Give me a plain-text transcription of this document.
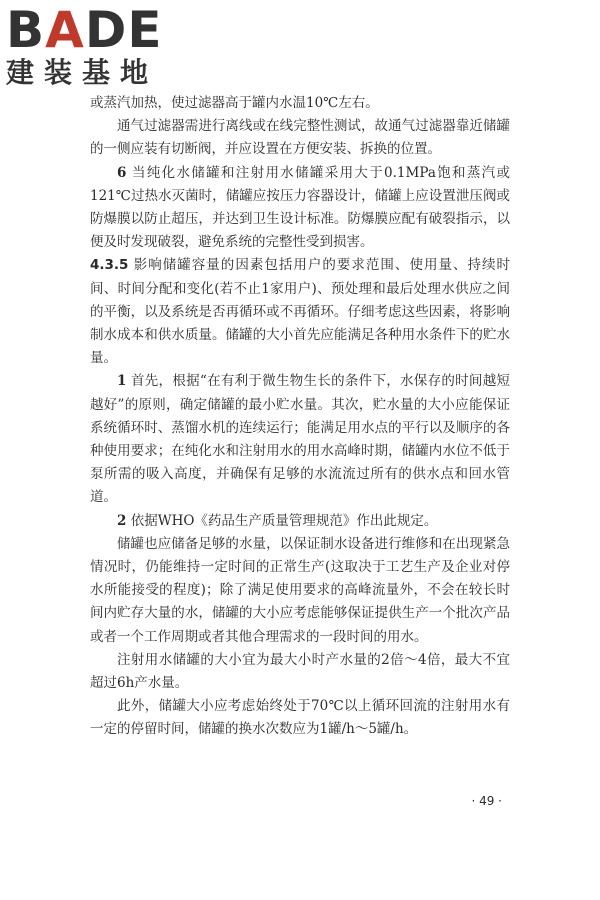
BADE
建装基地

或蒸汽加热，使过滤器高于罐内水温10℃左右。

通气过滤器需进行离线或在线完整性测试，故通气过滤器靠近储罐的一侧应装有切断阀，并应设置在方便安装、拆换的位置。

6 当纯化水储罐和注射用水储罐采用大于0.1MPa饱和蒸汽或121℃过热水灭菌时，储罐应按压力容器设计，储罐上应设置泄压阀或防爆膜以防止超压，并达到卫生设计标准。防爆膜应配有破裂指示，以便及时发现破裂，避免系统的完整性受到损害。

4.3.5 影响储罐容量的因素包括用户的要求范围、使用量、持续时间、时间分配和变化(若不止1家用户)、预处理和最后处理水供应之间的平衡，以及系统是否再循环或不再循环。仔细考虑这些因素，将影响制水成本和供水质量。储罐的大小首先应能满足各种用水条件下的贮水量。

1 首先，根据“在有利于微生物生长的条件下，水保存的时间越短越好”的原则，确定储罐的最小贮水量。其次，贮水量的大小应能保证系统循环时、蒸馏水机的连续运行；能满足用水点的平行以及顺序的各种使用要求；在纯化水和注射用水的用水高峰时期，储罐内水位不低于泵所需的吸入高度，并确保有足够的水流流过所有的供水点和回水管道。

2 依据WHO《药品生产质量管理规范》作出此规定。

储罐也应储备足够的水量，以保证制水设备进行维修和在出现紧急情况时，仍能维持一定时间的正常生产(这取决于工艺生产及企业对停水所能接受的程度)；除了满足使用要求的高峰流量外，不会在较长时间内贮存大量的水，储罐的大小应考虑能够保证提供生产一个批次产品或者一个工作周期或者其他合理需求的一段时间的用水。

注射用水储罐的大小宜为最大小时产水量的2倍～4倍，最大不宜超过6h产水量。

此外，储罐大小应考虑始终处于70℃以上循环回流的注射用水有一定的停留时间，储罐的换水次数应为1罐/h～5罐/h。

· 49 ·
